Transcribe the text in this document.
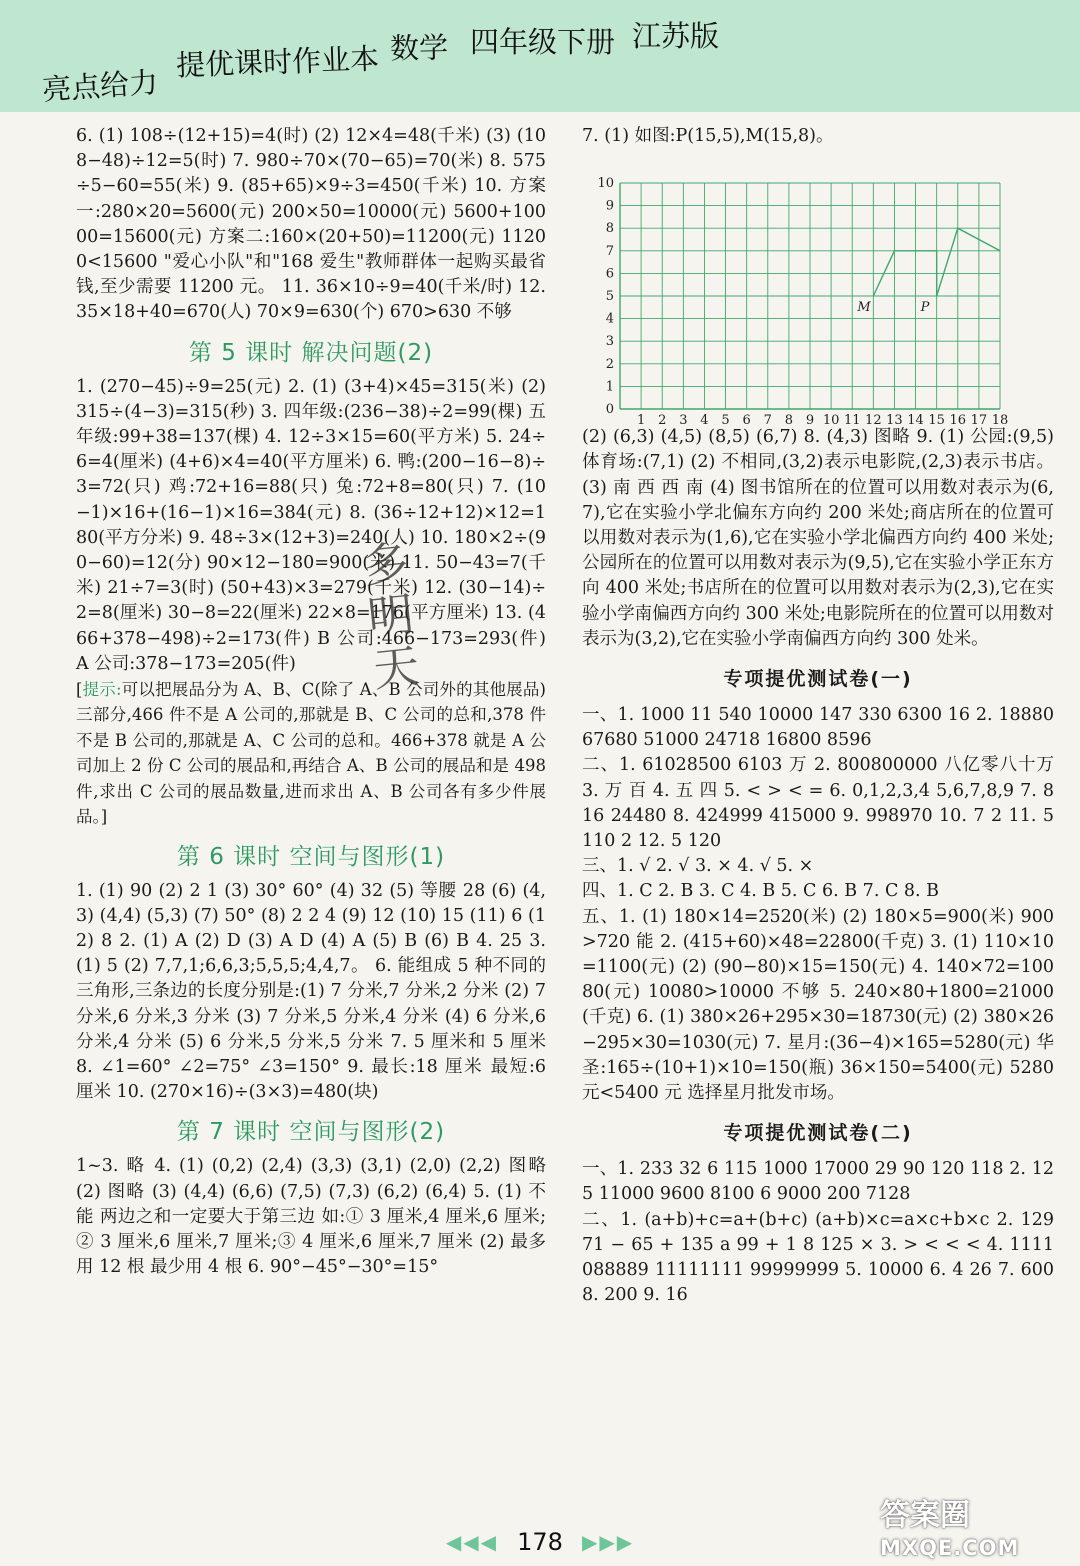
亮点给力
提优课时作业本 数学 四年级下册 江苏版

6. (1) 108÷(12+15)=4(时) (2) 12×4=48(千米) (3) (108−48)÷12=5(时) 7. 980÷70×(70−65)=70(米) 8. 575÷5−60=55(米) 9. (85+65)×9÷3=450(千米) 10. 方案一:280×20=5600(元) 200×50=10000(元) 5600+10000=15600(元) 方案二:160×(20+50)=11200(元) 11200<15600 "爱心小队"和"168 爱生"教师群体一起购买最省钱,至少需要 11200 元。 11. 36×10÷9=40(千米/时) 12. 35×18+40=670(人) 70×9=630(个) 670>630 不够

第 5 课时 解决问题(2)

1. (270−45)÷9=25(元) 2. (1) (3+4)×45=315(米) (2) 315÷(4−3)=315(秒) 3. 四年级:(236−38)÷2=99(棵) 五年级:99+38=137(棵) 4. 12÷3×15=60(平方米) 5. 24÷6=4(厘米) (4+6)×4=40(平方厘米) 6. 鸭:(200−16−8)÷3=72(只) 鸡:72+16=88(只) 兔:72+8=80(只) 7. (10−1)×16+(16−1)×16=384(元) 8. (36÷12+12)×12=180(平方分米) 9. 48÷3×(12+3)=240(人) 10. 180×2÷(90−60)=12(分) 90×12−180=900(米) 11. 50−43=7(千米) 21÷7=3(时) (50+43)×3=279(千米) 12. (30−14)÷2=8(厘米) 30−8=22(厘米) 22×8=176(平方厘米) 13. (466+378−498)÷2=173(件) B 公司:466−173=293(件) A 公司:378−173=205(件)

[提示:可以把展品分为 A、B、C(除了 A、B 公司外的其他展品)三部分,466 件不是 A 公司的,那就是 B、C 公司的总和,378 件不是 B 公司的,那就是 A、C 公司的总和。466+378 就是 A 公司加上 2 份 C 公司的展品和,再结合 A、B 公司的展品和是 498 件,求出 C 公司的展品数量,进而求出 A、B 公司各有多少件展品。]

第 6 课时 空间与图形(1)

1. (1) 90 (2) 2 1 (3) 30° 60° (4) 32 (5) 等腰 28 (6) (4,3) (4,4) (5,3) (7) 50° (8) 2 2 4 (9) 12 (10) 15 (11) 6 (12) 8 2. (1) A (2) D (3) A D (4) A (5) B (6) B 4. 25 3. (1) 5 (2) 7,7,1;6,6,3;5,5,5;4,4,7。 6. 能组成 5 种不同的三角形,三条边的长度分别是:(1) 7 分米,7 分米,2 分米 (2) 7 分米,6 分米,3 分米 (3) 7 分米,5 分米,4 分米 (4) 6 分米,6 分米,4 分米 (5) 6 分米,5 分米,5 分米 7. 5 厘米和 5 厘米 8. ∠1=60° ∠2=75° ∠3=150° 9. 最长:18 厘米 最短:6 厘米 10. (270×16)÷(3×3)=480(块)

第 7 课时 空间与图形(2)

1~3. 略 4. (1) (0,2) (2,4) (3,3) (3,1) (2,0) (2,2) 图略 (2) 图略 (3) (4,4) (6,6) (7,5) (7,3) (6,2) (6,4) 5. (1) 不能 两边之和一定要大于第三边 如:① 3 厘米,4 厘米,6 厘米;② 3 厘米,6 厘米,7 厘米;③ 4 厘米,6 厘米,7 厘米 (2) 最多用 12 根 最少用 4 根 6. 90°−45°−30°=15°

多明天

7. (1) 如图:P(15,5),M(15,8)。

1 2 3 4 5 6 7 8 9 10 11 12 13 14 15 16 17 18
0
1
2
3
4
5
6
7
8
9
10
M	P

(2) (6,3) (4,5) (8,5) (6,7) 8. (4,3) 图略 9. (1) 公园:(9,5) 体育场:(7,1) (2) 不相同,(3,2)表示电影院,(2,3)表示书店。 (3) 南 西 西 南 (4) 图书馆所在的位置可以用数对表示为(6,7),它在实验小学北偏东方向约 200 米处;商店所在的位置可以用数对表示为(1,6),它在实验小学北偏西方向约 400 米处;公园所在的位置可以用数对表示为(9,5),它在实验小学正东方向 400 米处;书店所在的位置可以用数对表示为(2,3),它在实验小学南偏西方向约 300 米处;电影院所在的位置可以用数对表示为(3,2),它在实验小学南偏西方向约 300 处米。

专项提优测试卷(一)

一、1. 1000 11 540 10000 147 330 6300 16 2. 18880 67680 51000 24718 16800 8596

二、1. 61028500 6103 万 2. 800800000 八亿零八十万 3. 万 百 4. 五 四 5. < > < = 6. 0,1,2,3,4 5,6,7,8,9 7. 816 24480 8. 424999 415000 9. 998970 10. 7 2 11. 5110 2 12. 5 120

三、1. √ 2. √ 3. × 4. √ 5. ×

四、1. C 2. B 3. C 4. B 5. C 6. B 7. C 8. B

五、1. (1) 180×14=2520(米) (2) 180×5=900(米) 900>720 能 2. (415+60)×48=22800(千克) 3. (1) 110×10=1100(元) (2) (90−80)×15=150(元) 4. 140×72=10080(元) 10080>10000 不够 5. 240×80+1800=21000(千克) 6. (1) 380×26+295×30=18730(元) (2) 380×26−295×30=1030(元) 7. 星月:(36−4)×165=5280(元) 华圣:165÷(10+1)×10=150(瓶) 36×150=5400(元) 5280 元<5400 元 选择星月批发市场。

专项提优测试卷(二)

一、1. 233 32 6 115 1000 17000 29 90 120 118 2. 125 11000 9600 8100 6 9000 200 7128

二、1. (a+b)+c=a+(b+c) (a+b)×c=a×c+b×c 2. 129 71 − 65 + 135 a 99 + 1 8 125 × 3. > < < < 4. 1111088889 11111111 99999999 5. 10000 6. 4 26 7. 600 8. 200 9. 16

◀◀◀ 178 ▶▶▶
答案圈
MXQE.COM
